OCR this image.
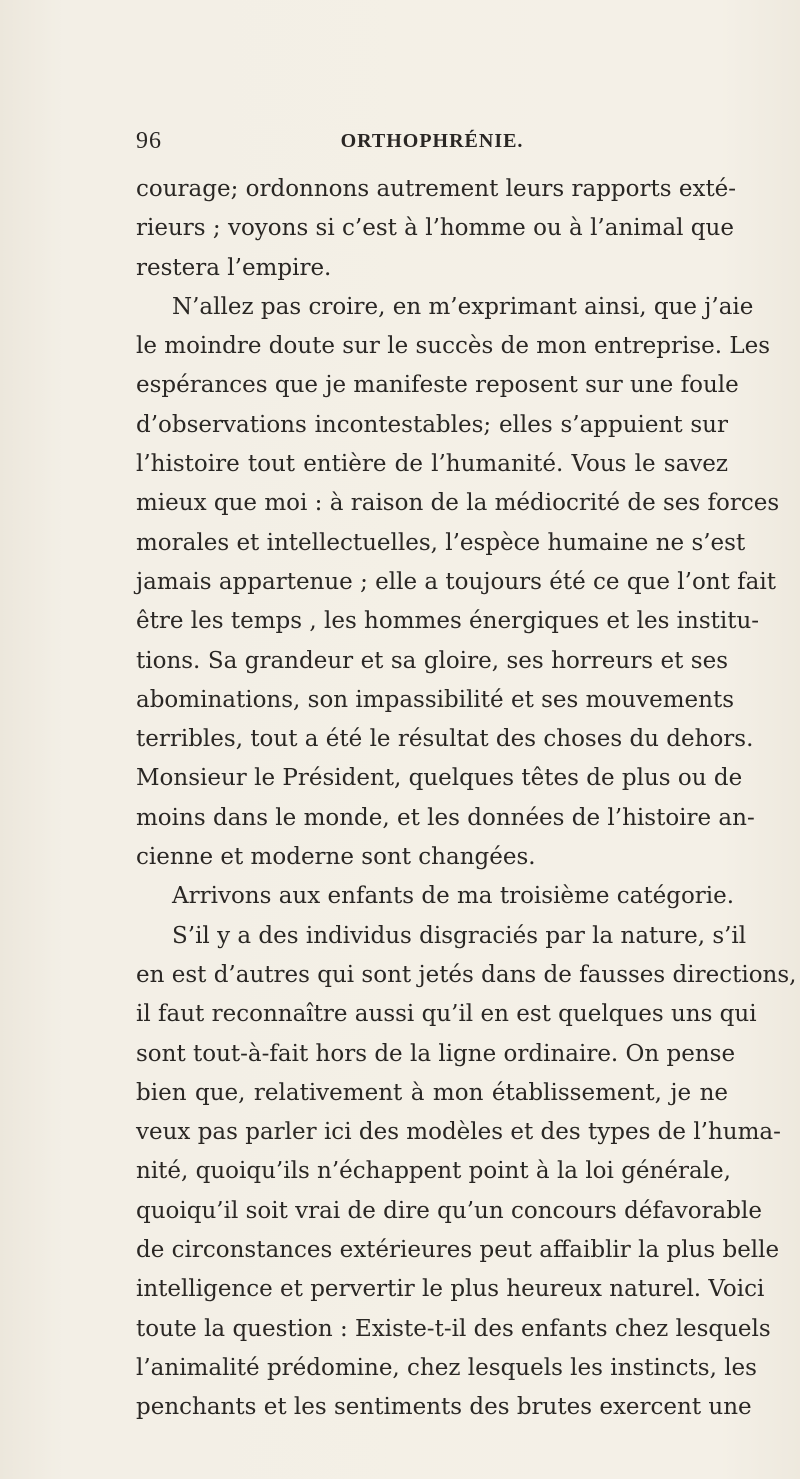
96	ORTHOPHRÉNIE.
courage; ordonnons autrement leurs rapports exté-
rieurs ; voyons si c’est à l’homme ou à l’animal que
restera l’empire.
N’allez pas croire, en m’exprimant ainsi, que j’aie
le moindre doute sur le succès de mon entreprise. Les
espérances que je manifeste reposent sur une foule
d’observations incontestables; elles s’appuient sur
l’histoire tout entière de l’humanité. Vous le savez
mieux que moi : à raison de la médiocrité de ses forces
morales et intellectuelles, l’espèce humaine ne s’est
jamais appartenue ; elle a toujours été ce que l’ont fait
être les temps , les hommes énergiques et les institu-
tions. Sa grandeur et sa gloire, ses horreurs et ses
abominations, son impassibilité et ses mouvements
terribles, tout a été le résultat des choses du dehors.
Monsieur le Président, quelques têtes de plus ou de
moins dans le monde, et les données de l’histoire an-
cienne et moderne sont changées.
Arrivons aux enfants de ma troisième catégorie.
S’il y a des individus disgraciés par la nature, s’il
en est d’autres qui sont jetés dans de fausses directions,
il faut reconnaître aussi qu’il en est quelques uns qui
sont tout-à-fait hors de la ligne ordinaire. On pense
bien que, relativement à mon établissement, je ne
veux pas parler ici des modèles et des types de l’huma-
nité, quoiqu’ils n’échappent point à la loi générale,
quoiqu’il soit vrai de dire qu’un concours défavorable
de circonstances extérieures peut affaiblir la plus belle
intelligence et pervertir le plus heureux naturel. Voici
toute la question : Existe-t-il des enfants chez lesquels
l’animalité prédomine, chez lesquels les instincts, les
penchants et les sentiments des brutes exercent une
